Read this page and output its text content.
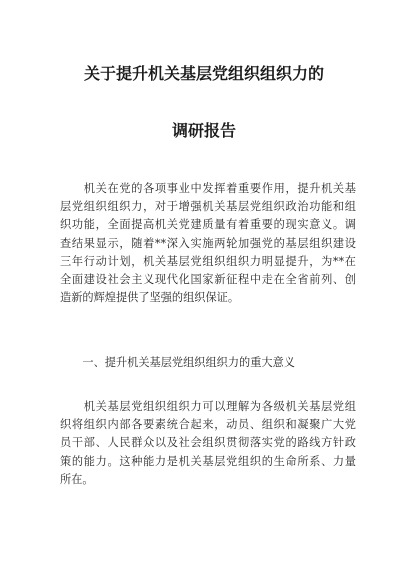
关于提升机关基层党组织组织力的
调研报告

　　机关在党的各项事业中发挥着重要作用，提升机关基
层党组织组织力，对于增强机关基层党组织政治功能和组
织功能，全面提高机关党建质量有着重要的现实意义。调
查结果显示，随着**深入实施两轮加强党的基层组织建设
三年行动计划，机关基层党组织组织力明显提升，为**在
全面建设社会主义现代化国家新征程中走在全省前列、创
造新的辉煌提供了坚强的组织保证。

　　一、提升机关基层党组织组织力的重大意义

　　机关基层党组织组织力可以理解为各级机关基层党组
织将组织内部各要素统合起来，动员、组织和凝聚广大党
员干部、人民群众以及社会组织贯彻落实党的路线方针政
策的能力。这种能力是机关基层党组织的生命所系、力量
所在。
